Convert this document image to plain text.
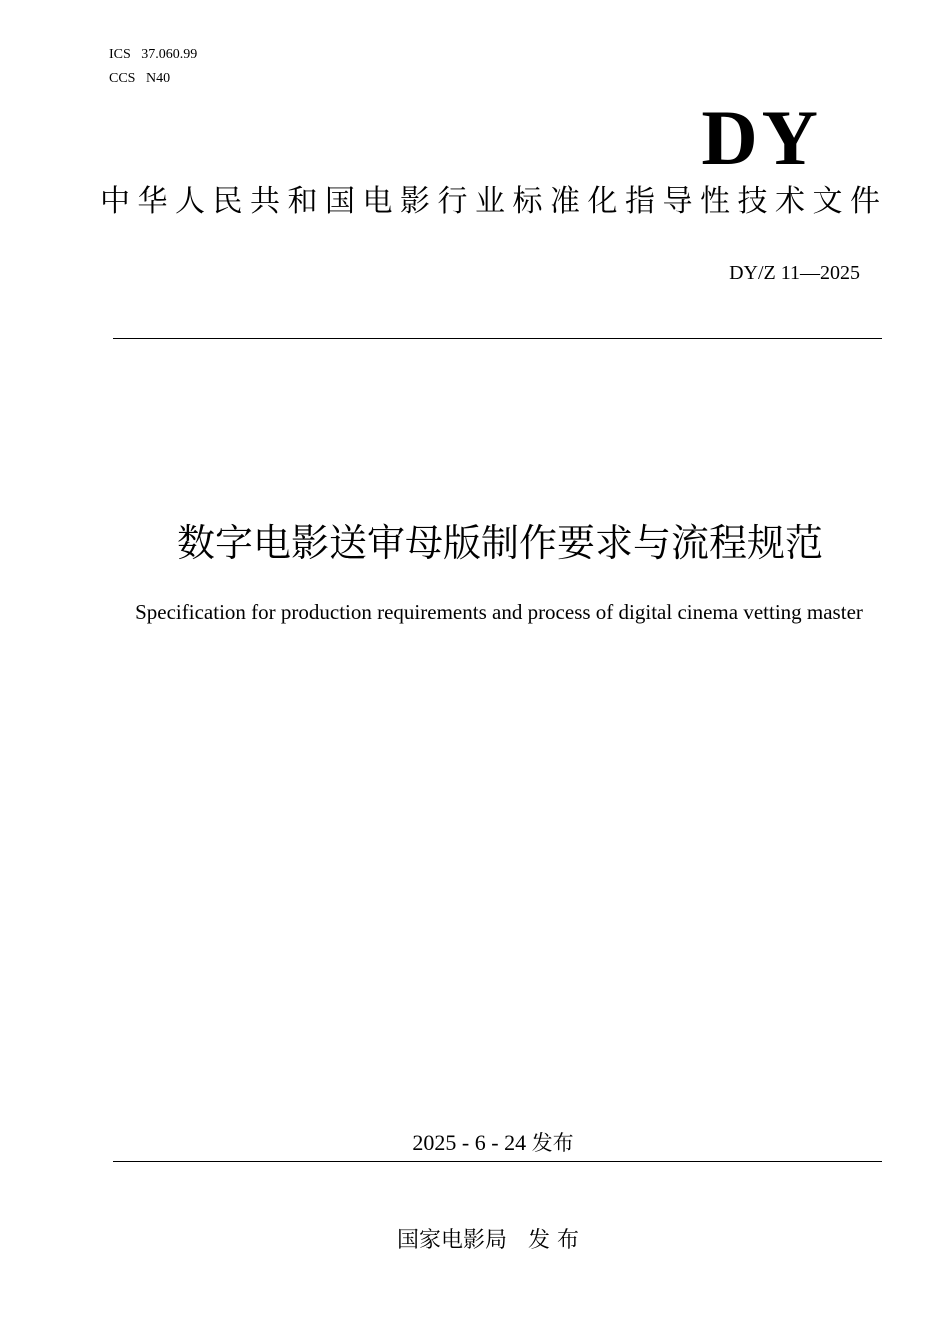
ICS   37.060.99
CCS   N40
DY
中华人民共和国电影行业标准化指导性技术文件
DY/Z 11—2025
数字电影送审母版制作要求与流程规范
Specification for production requirements and process of digital cinema vetting master
2025 - 6 - 24 发布
国家电影局 发 布
